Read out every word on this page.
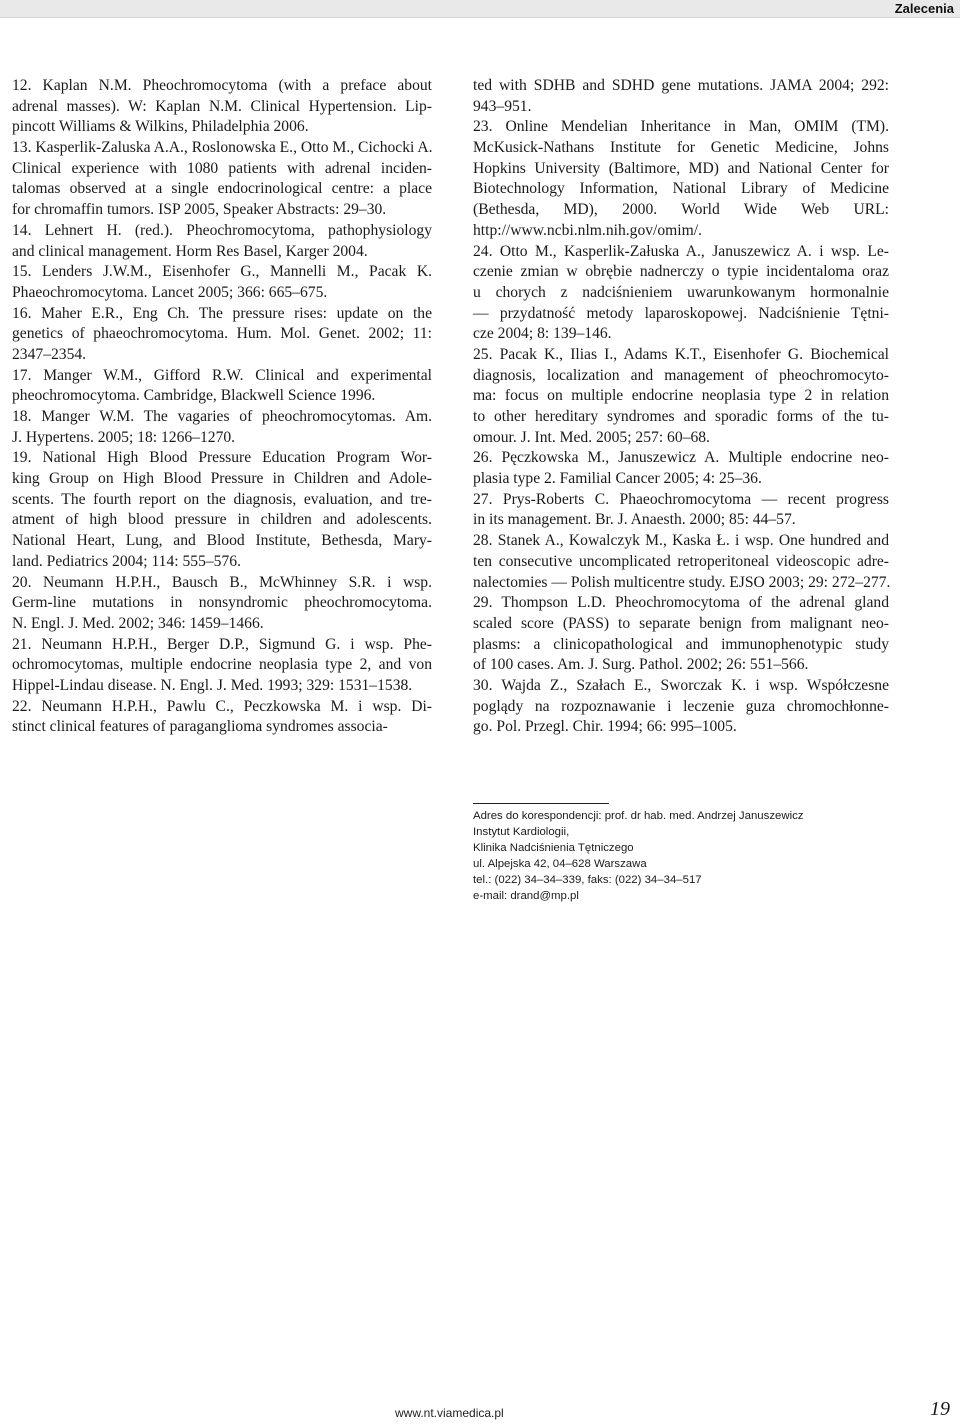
Zalecenia
12. Kaplan N.M. Pheochromocytoma (with a preface about
adrenal masses). W: Kaplan N.M. Clinical Hypertension. Lip-
pincott Williams & Wilkins, Philadelphia 2006.
13. Kasperlik-Zaluska A.A., Roslonowska E., Otto M., Cichocki A.
Clinical experience with 1080 patients with adrenal inciden-
talomas observed at a single endocrinological centre: a place
for chromaffin tumors. ISP 2005, Speaker Abstracts: 29–30.
14. Lehnert H. (red.). Pheochromocytoma, pathophysiology
and clinical management. Horm Res Basel, Karger 2004.
15. Lenders J.W.M., Eisenhofer G., Mannelli M., Pacak K.
Phaeochromocytoma. Lancet 2005; 366: 665–675.
16. Maher E.R., Eng Ch. The pressure rises: update on the
genetics of phaeochromocytoma. Hum. Mol. Genet. 2002; 11:
2347–2354.
17. Manger W.M., Gifford R.W. Clinical and experimental
pheochromocytoma. Cambridge, Blackwell Science 1996.
18. Manger W.M. The vagaries of pheochromocytomas. Am.
J. Hypertens. 2005; 18: 1266–1270.
19. National High Blood Pressure Education Program Wor-
king Group on High Blood Pressure in Children and Adole-
scents. The fourth report on the diagnosis, evaluation, and tre-
atment of high blood pressure in children and adolescents.
National Heart, Lung, and Blood Institute, Bethesda, Mary-
land. Pediatrics 2004; 114: 555–576.
20. Neumann H.P.H., Bausch B., McWhinney S.R. i wsp.
Germ-line mutations in nonsyndromic pheochromocytoma.
N. Engl. J. Med. 2002; 346: 1459–1466.
21. Neumann H.P.H., Berger D.P., Sigmund G. i wsp. Phe-
ochromocytomas, multiple endocrine neoplasia type 2, and von
Hippel-Lindau disease. N. Engl. J. Med. 1993; 329: 1531–1538.
22. Neumann H.P.H., Pawlu C., Peczkowska M. i wsp. Di-
stinct clinical features of paraganglioma syndromes associa-
ted with SDHB and SDHD gene mutations. JAMA 2004; 292:
943–951.
23. Online Mendelian Inheritance in Man, OMIM (TM).
McKusick-Nathans Institute for Genetic Medicine, Johns
Hopkins University (Baltimore, MD) and National Center for
Biotechnology Information, National Library of Medicine
(Bethesda, MD), 2000. World Wide Web URL:
http://www.ncbi.nlm.nih.gov/omim/.
24. Otto M., Kasperlik-Załuska A., Januszewicz A. i wsp. Le-
czenie zmian w obrębie nadnerczy o typie incidentaloma oraz
u chorych z nadciśnieniem uwarunkowanym hormonalnie
— przydatność metody laparoskopowej. Nadciśnienie Tętni-
cze 2004; 8: 139–146.
25. Pacak K., Ilias I., Adams K.T., Eisenhofer G. Biochemical
diagnosis, localization and management of pheochromocyto-
ma: focus on multiple endocrine neoplasia type 2 in relation
to other hereditary syndromes and sporadic forms of the tu-
omour. J. Int. Med. 2005; 257: 60–68.
26. Pęczkowska M., Januszewicz A. Multiple endocrine neo-
plasia type 2. Familial Cancer 2005; 4: 25–36.
27. Prys-Roberts C. Phaeochromocytoma — recent progress
in its management. Br. J. Anaesth. 2000; 85: 44–57.
28. Stanek A., Kowalczyk M., Kaska Ł. i wsp. One hundred and
ten consecutive uncomplicated retroperitoneal videoscopic adre-
nalectomies — Polish multicentre study. EJSO 2003; 29: 272–277.
29. Thompson L.D. Pheochromocytoma of the adrenal gland
scaled score (PASS) to separate benign from malignant neo-
plasms: a clinicopathological and immunophenotypic study
of 100 cases. Am. J. Surg. Pathol. 2002; 26: 551–566.
30. Wajda Z., Szałach E., Sworczak K. i wsp. Współczesne
poglądy na rozpoznawanie i leczenie guza chromochłonne-
go. Pol. Przegl. Chir. 1994; 66: 995–1005.
Adres do korespondencji: prof. dr hab. med. Andrzej Januszewicz
Instytut Kardiologii,
Klinika Nadciśnienia Tętniczego
ul. Alpejska 42, 04–628 Warszawa
tel.: (022) 34–34–339, faks: (022) 34–34–517
e-mail: drand@mp.pl
www.nt.viamedica.pl	19
